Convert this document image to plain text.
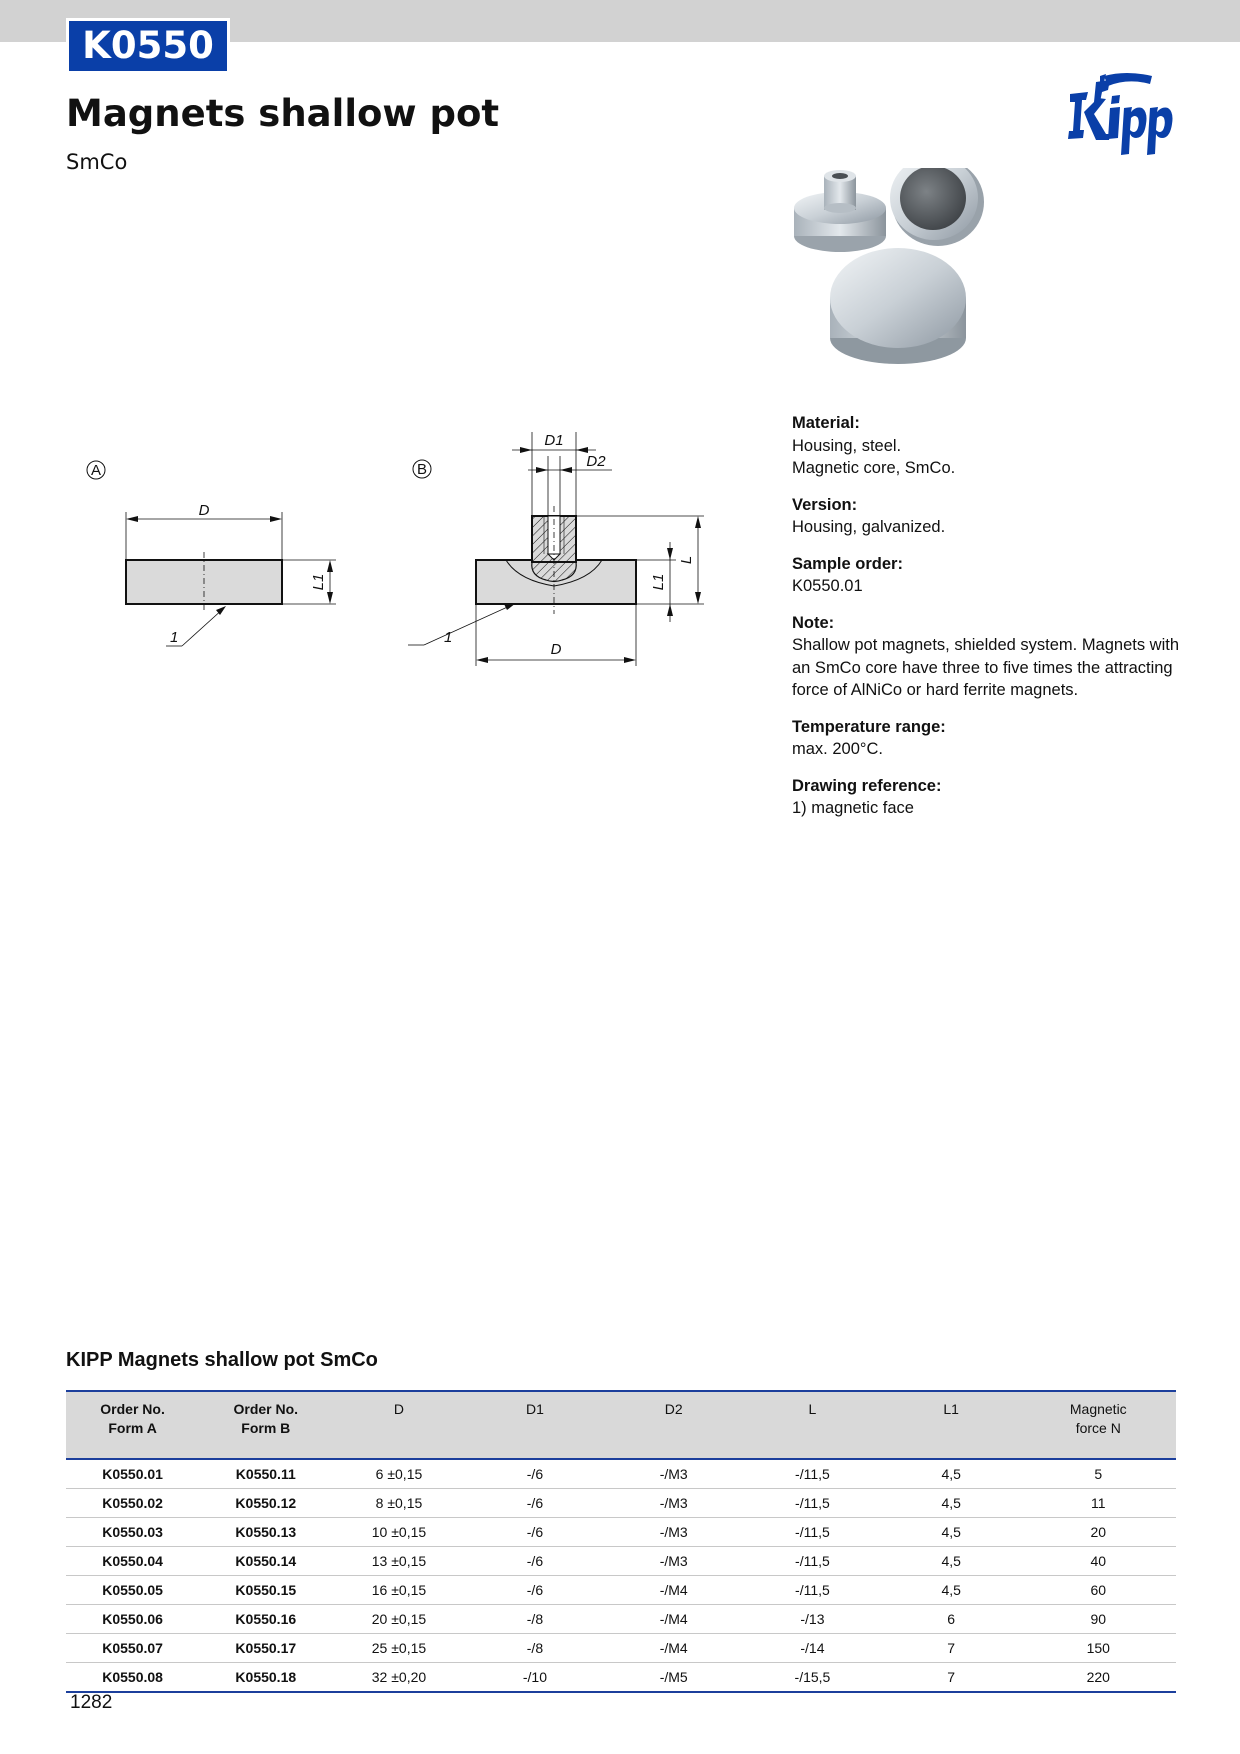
K0550
Magnets shallow pot
SmCo
A
D
L1
1
B
D1
D2
L
L1
D
1
Material:
Housing, steel.
Magnetic core, SmCo.
Version:
Housing, galvanized.
Sample order:
K0550.01
Note:
Shallow pot magnets, shielded system. Magnets with
an SmCo core have three to five times the attracting
force of AlNiCo or hard ferrite magnets.
Temperature range:
max. 200°C.
Drawing reference:
1) magnetic face
KIPP Magnets shallow pot SmCo
Order No.
Form A	Order No.
Form B	D	D1	D2	L	L1	Magnetic
force N
K0550.01	K0550.11	6 ±0,15	-/6	-/M3	-/11,5	4,5	5
K0550.02	K0550.12	8 ±0,15	-/6	-/M3	-/11,5	4,5	11
K0550.03	K0550.13	10 ±0,15	-/6	-/M3	-/11,5	4,5	20
K0550.04	K0550.14	13 ±0,15	-/6	-/M3	-/11,5	4,5	40
K0550.05	K0550.15	16 ±0,15	-/6	-/M4	-/11,5	4,5	60
K0550.06	K0550.16	20 ±0,15	-/8	-/M4	-/13	6	90
K0550.07	K0550.17	25 ±0,15	-/8	-/M4	-/14	7	150
K0550.08	K0550.18	32 ±0,20	-/10	-/M5	-/15,5	7	220
1282
